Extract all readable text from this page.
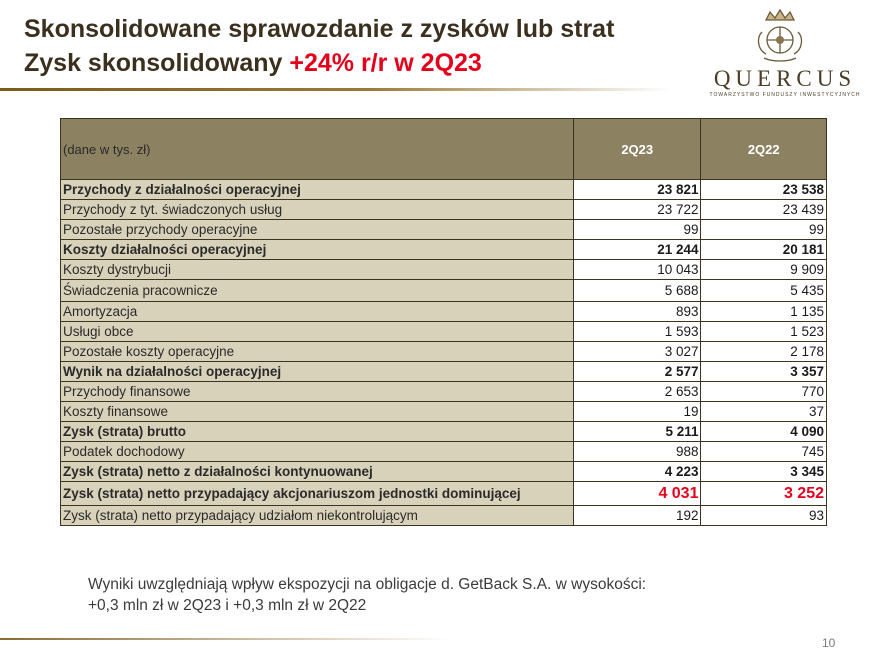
Skonsolidowane sprawozdanie z zysków lub strat
Zysk skonsolidowany +24% r/r w 2Q23
QUERCUS
TOWARZYSTWO FUNDUSZY INWESTYCYJNYCH
(dane w tys. zł)	2Q23	2Q22
Przychody z działalności operacyjnej	23 821	23 538
Przychody z tyt. świadczonych usług	23 722	23 439
Pozostałe przychody operacyjne	99	99
Koszty działalności operacyjnej	21 244	20 181
Koszty dystrybucji	10 043	9 909
Świadczenia pracownicze	5 688	5 435
Amortyzacja	893	1 135
Usługi obce	1 593	1 523
Pozostałe koszty operacyjne	3 027	2 178
Wynik na działalności operacyjnej	2 577	3 357
Przychody finansowe	2 653	770
Koszty finansowe	19	37
Zysk (strata) brutto	5 211	4 090
Podatek dochodowy	988	745
Zysk (strata) netto z działalności kontynuowanej	4 223	3 345
Zysk (strata) netto przypadający akcjonariuszom jednostki dominującej	4 031	3 252
Zysk (strata) netto przypadający udziałom niekontrolującym	192	93
Wyniki uwzględniają wpływ ekspozycji na obligacje d. GetBack S.A. w wysokości:
+0,3 mln zł w 2Q23 i +0,3 mln zł w 2Q22
10
